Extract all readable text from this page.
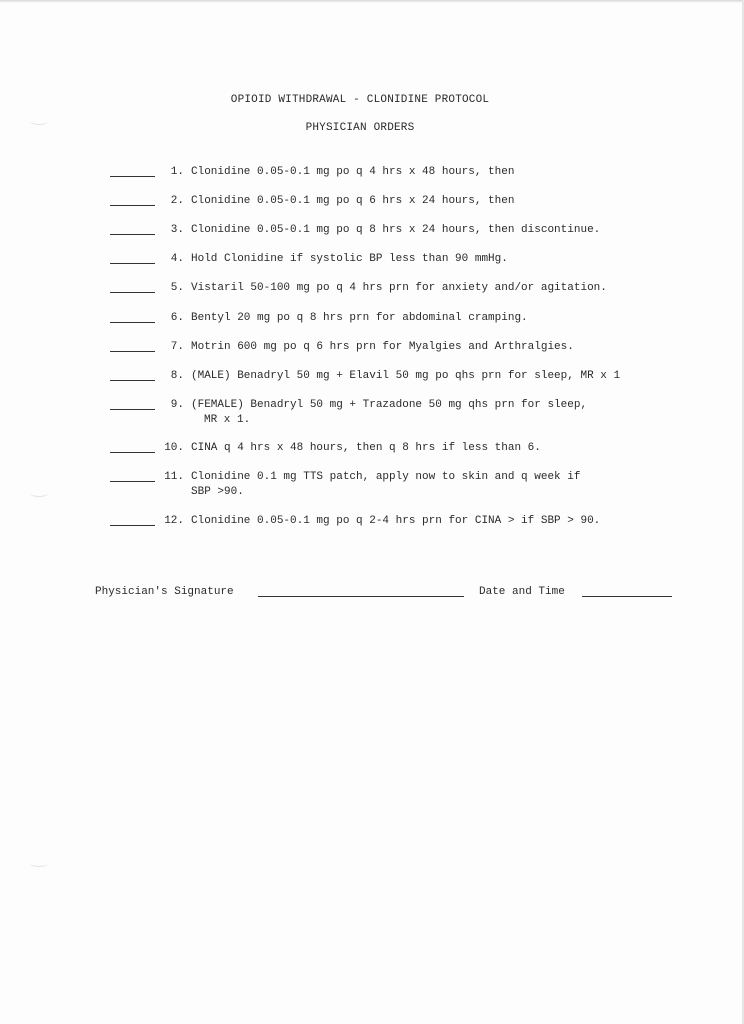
OPIOID WITHDRAWAL - CLONIDINE PROTOCOL
PHYSICIAN ORDERS
1. Clonidine 0.05-0.1 mg po q 4 hrs x 48 hours, then
2. Clonidine 0.05-0.1 mg po q 6 hrs x 24 hours, then
3. Clonidine 0.05-0.1 mg po q 8 hrs x 24 hours, then discontinue.
4. Hold Clonidine if systolic BP less than 90 mmHg.
5. Vistaril 50-100 mg po q 4 hrs prn for anxiety and/or agitation.
6. Bentyl 20 mg po q 8 hrs prn for abdominal cramping.
7. Motrin 600 mg po q 6 hrs prn for Myalgies and Arthralgies.
8. (MALE) Benadryl 50 mg + Elavil 50 mg po qhs prn for sleep, MR x 1
9. (FEMALE) Benadryl 50 mg + Trazadone 50 mg qhs prn for sleep,
MR x 1.
10. CINA q 4 hrs x 48 hours, then q 8 hrs if less than 6.
11. Clonidine 0.1 mg TTS patch, apply now to skin and q week if
SBP >90.
12. Clonidine 0.05-0.1 mg po q 2-4 hrs prn for CINA > if SBP > 90.
Physician's Signature	Date and Time
